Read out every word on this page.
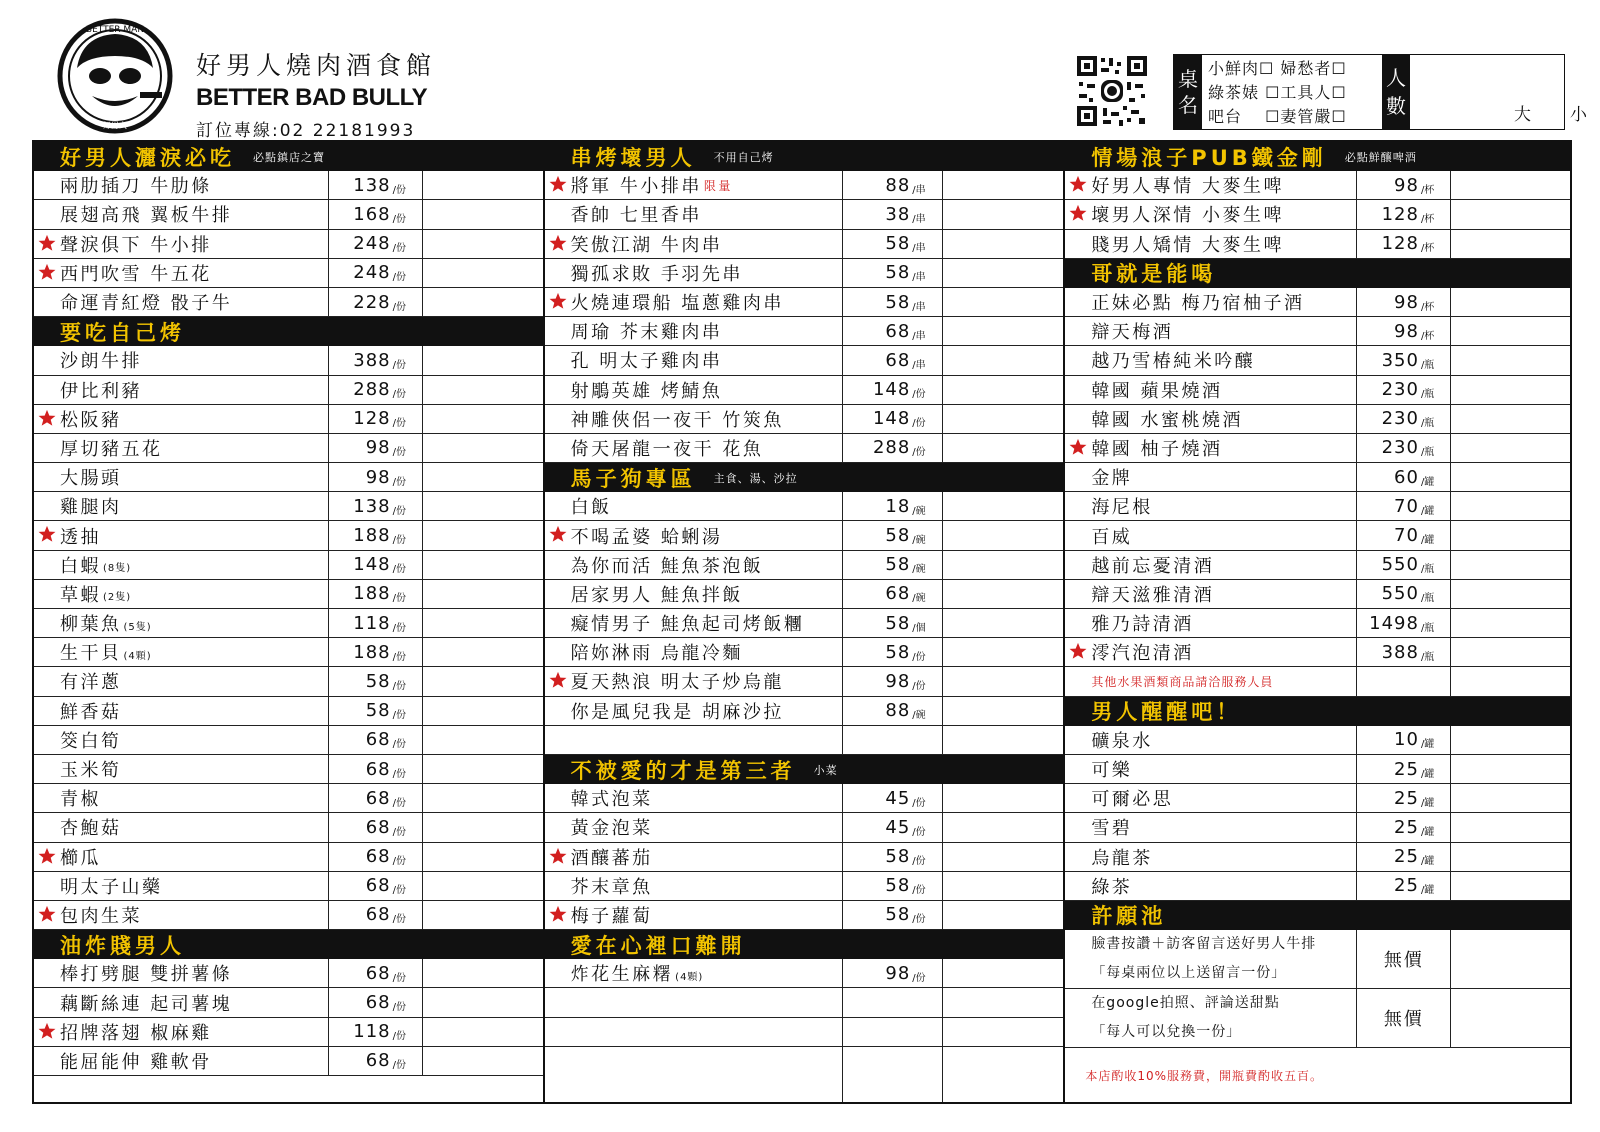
BETTER MAN
好男人
好男人燒肉酒食館
BETTER BAD BULLY
訂位專線:02 22181993
桌
名
小鮮肉☐ 婦愁者☐
綠茶婊 ☐工具人☐
吧台 　☐妻管嚴☐
人
數	大 小
好男人灑淚必吃 必點鎮店之寶
兩肋插刀 牛肋條	138 /份
展翅高飛 翼板牛排	168 /份
聲淚俱下 牛小排	248 /份
西門吹雪 牛五花	248 /份
命運青紅燈 骰子牛	228 /份
要吃自己烤
沙朗牛排	388 /份
伊比利豬	288 /份
松阪豬	128 /份
厚切豬五花	98 /份
大腸頭	98 /份
雞腿肉	138 /份
透抽	188 /份
白蝦 (8隻)	148 /份
草蝦 (2隻)	188 /份
柳葉魚 (5隻)	118 /份
生干貝 (4顆)	188 /份
有洋蔥	58 /份
鮮香菇	58 /份
筊白筍	68 /份
玉米筍	68 /份
青椒	68 /份
杏鮑菇	68 /份
櫛瓜	68 /份
明太子山藥	68 /份
包肉生菜	68 /份
油炸賤男人
棒打劈腿 雙拼薯條	68 /份
藕斷絲連 起司薯塊	68 /份
招牌落翅 椒麻雞	118 /份
能屈能伸 雞軟骨	68 /份
串烤壞男人 不用自己烤
將軍 牛小排串 限量	88 /串
香帥 七里香串	38 /串
笑傲江湖 牛肉串	58 /串
獨孤求敗 手羽先串	58 /串
火燒連環船 塩蔥雞肉串	58 /串
周瑜 芥末雞肉串	68 /串
孔 明太子雞肉串	68 /串
射鵰英雄 烤鯖魚	148 /份
神雕俠侶一夜干 竹筴魚	148 /份
倚天屠龍一夜干 花魚	288 /份
馬子狗專區 主食、湯、沙拉
白飯	18 /碗
不喝孟婆 蛤蜊湯	58 /碗
為你而活 鮭魚茶泡飯	58 /碗
居家男人 鮭魚拌飯	68 /碗
癡情男子 鮭魚起司烤飯糰	58 /個
陪妳淋雨 烏龍冷麵	58 /份
夏天熱浪 明太子炒烏龍	98 /份
你是風兒我是 胡麻沙拉	88 /碗
不被愛的才是第三者 小菜
韓式泡菜	45 /份
黃金泡菜	45 /份
酒釀蕃茄	58 /份
芥末章魚	58 /份
梅子蘿蔔	58 /份
愛在心裡口難開
炸花生麻糬 (4顆)	98 /份
情場浪子PUB鐵金剛 必點鮮釀啤酒
好男人專情 大麥生啤	98 /杯
壞男人深情 小麥生啤	128 /杯
賤男人矯情 大麥生啤	128 /杯
哥就是能喝
正妹必點 梅乃宿柚子酒	98 /杯
辯天梅酒	98 /杯
越乃雪椿純米吟釀	350 /瓶
韓國 蘋果燒酒	230 /瓶
韓國 水蜜桃燒酒	230 /瓶
韓國 柚子燒酒	230 /瓶
金牌	60 /罐
海尼根	70 /罐
百威	70 /罐
越前忘憂清酒	550 /瓶
辯天滋雅清酒	550 /瓶
雅乃詩清酒	1498 /瓶
澪汽泡清酒	388 /瓶
其他水果酒類商品請洽服務人員
男人醒醒吧！
礦泉水	10 /罐
可樂	25 /罐
可爾必思	25 /罐
雪碧	25 /罐
烏龍茶	25 /罐
綠茶	25 /罐
許願池
臉書按讚＋訪客留言送好男人牛排
「每桌兩位以上送留言一份」
無價
在google拍照、評論送甜點
「每人可以兌換一份」
無價
本店酌收10%服務費，開瓶費酌收五百。
